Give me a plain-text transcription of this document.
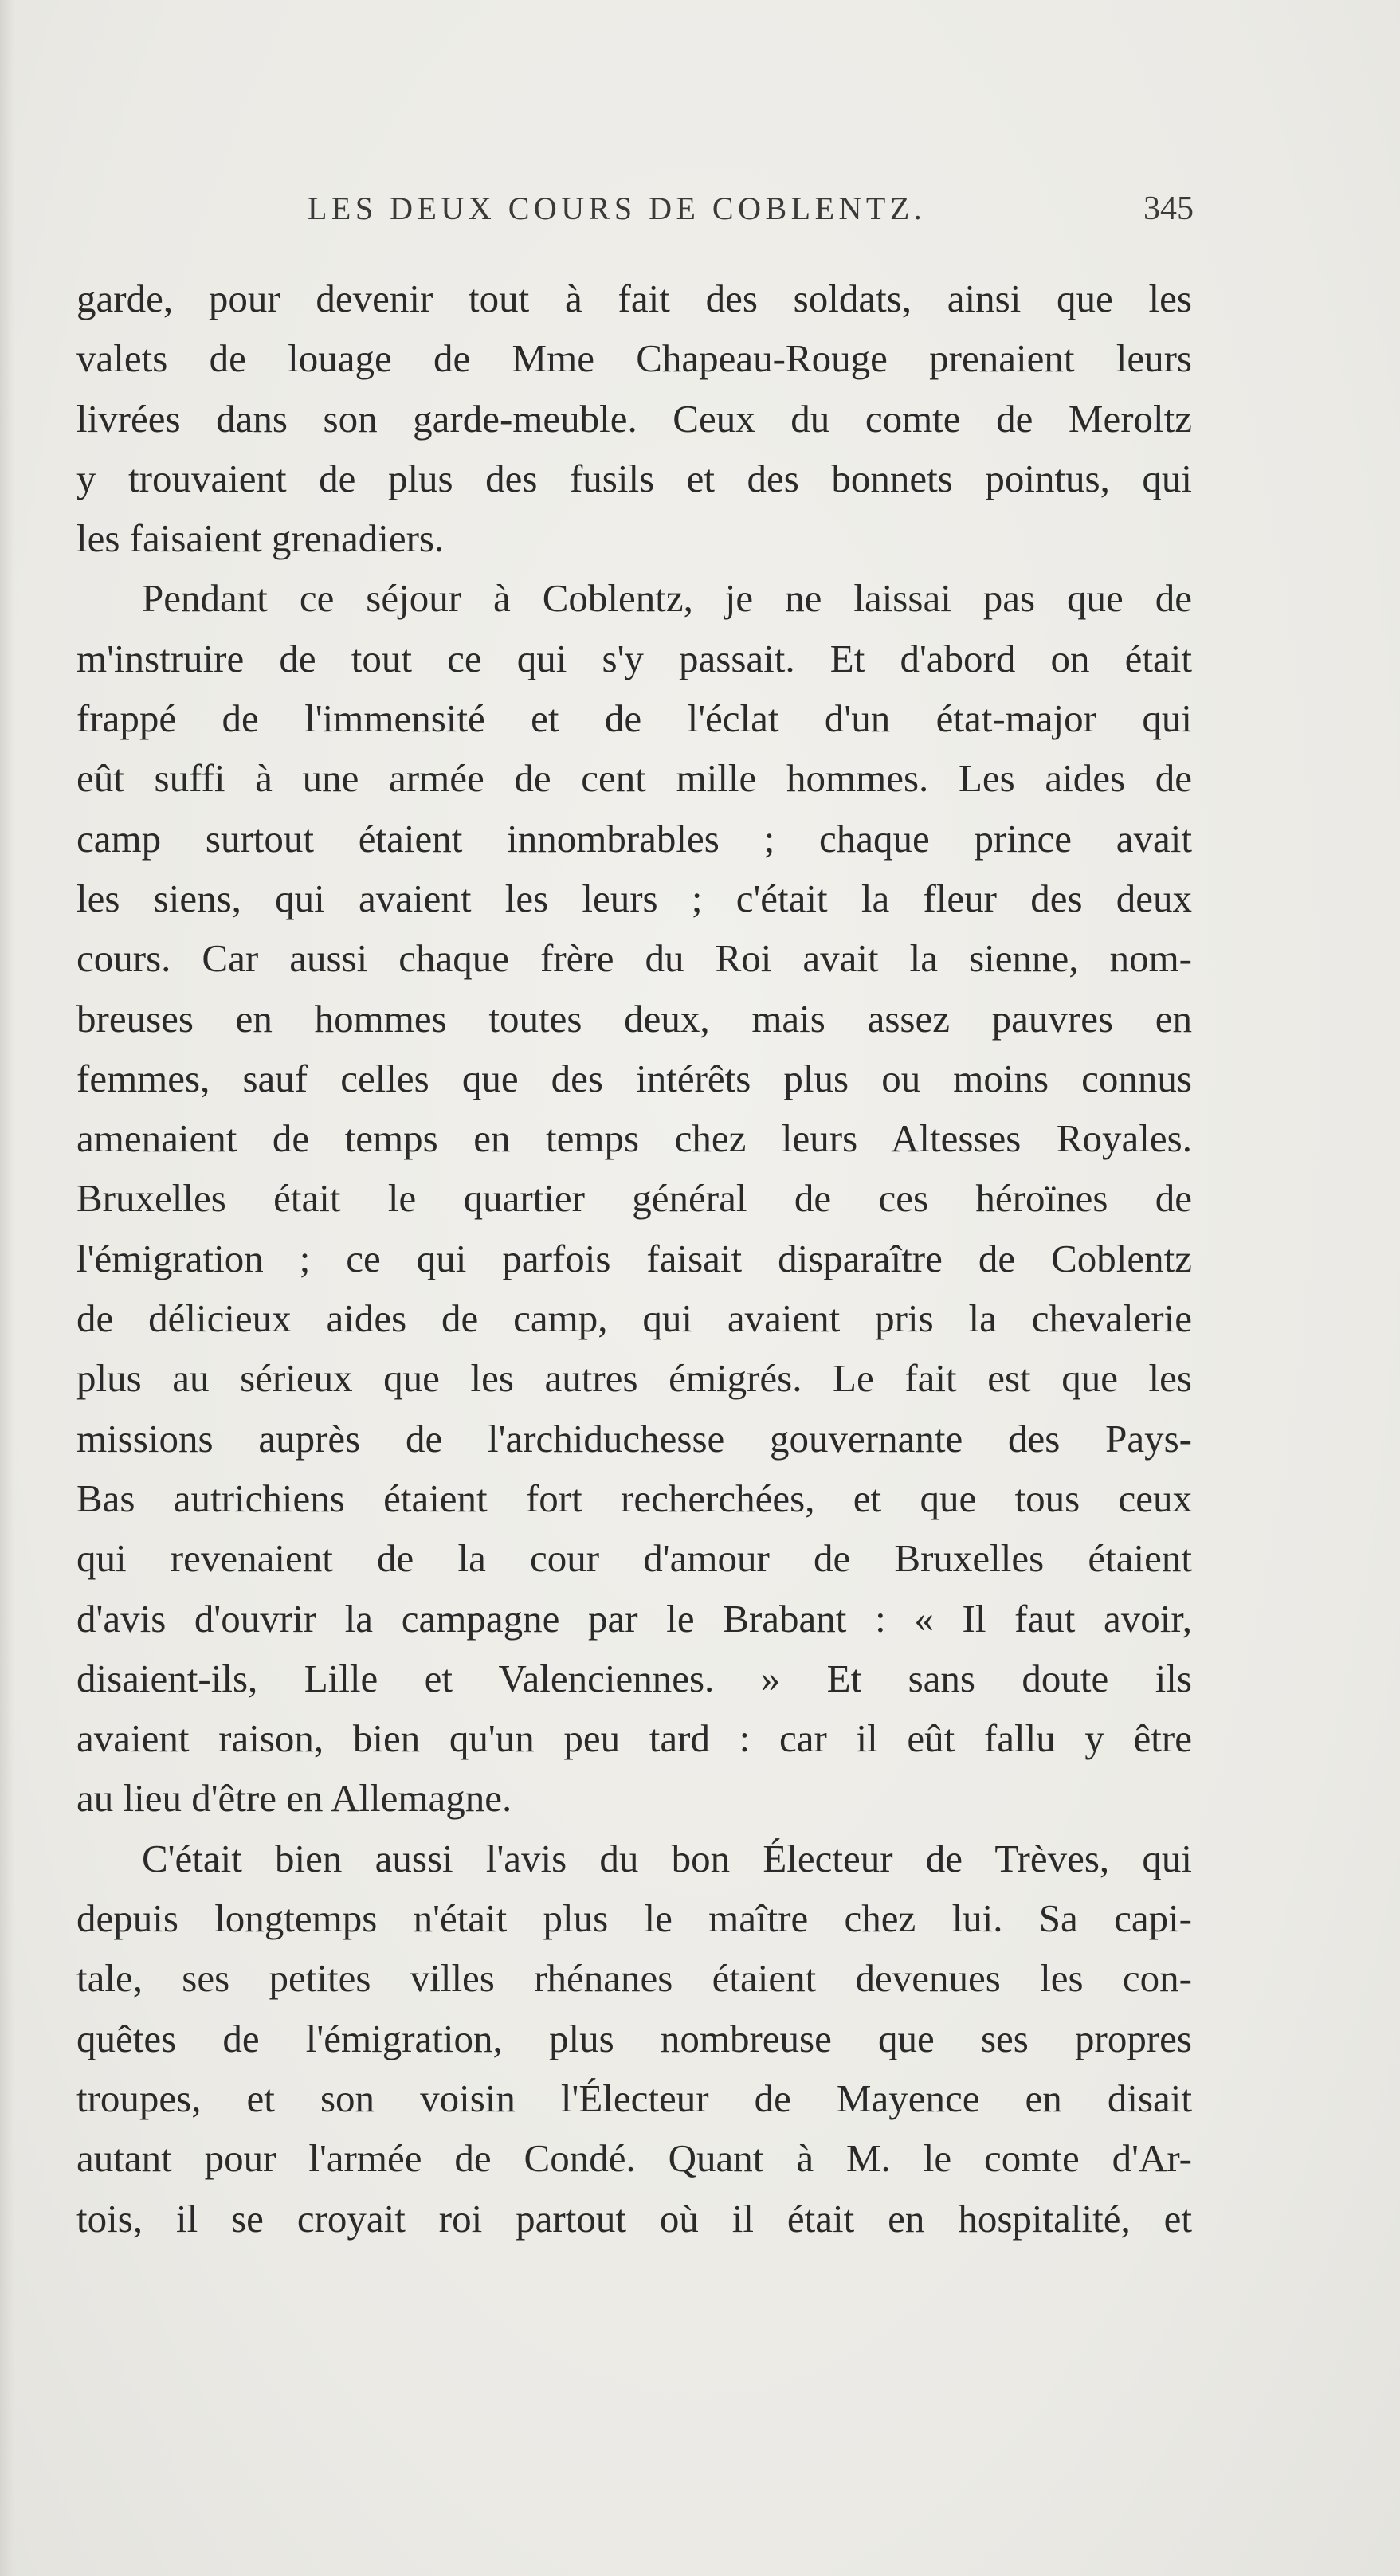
LES DEUX COURS DE COBLENTZ.	345
garde, pour devenir tout à fait des soldats, ainsi que les
valets de louage de Mme Chapeau-Rouge prenaient leurs
livrées dans son garde-meuble. Ceux du comte de Meroltz
y trouvaient de plus des fusils et des bonnets pointus, qui
les faisaient grenadiers.
Pendant ce séjour à Coblentz, je ne laissai pas que de
m'instruire de tout ce qui s'y passait. Et d'abord on était
frappé de l'immensité et de l'éclat d'un état-major qui
eût suffi à une armée de cent mille hommes. Les aides de
camp surtout étaient innombrables ; chaque prince avait
les siens, qui avaient les leurs ; c'était la fleur des deux
cours. Car aussi chaque frère du Roi avait la sienne, nom-
breuses en hommes toutes deux, mais assez pauvres en
femmes, sauf celles que des intérêts plus ou moins connus
amenaient de temps en temps chez leurs Altesses Royales.
Bruxelles était le quartier général de ces héroïnes de
l'émigration ; ce qui parfois faisait disparaître de Coblentz
de délicieux aides de camp, qui avaient pris la chevalerie
plus au sérieux que les autres émigrés. Le fait est que les
missions auprès de l'archiduchesse gouvernante des Pays-
Bas autrichiens étaient fort recherchées, et que tous ceux
qui revenaient de la cour d'amour de Bruxelles étaient
d'avis d'ouvrir la campagne par le Brabant : « Il faut avoir,
disaient-ils, Lille et Valenciennes. » Et sans doute ils
avaient raison, bien qu'un peu tard : car il eût fallu y être
au lieu d'être en Allemagne.
C'était bien aussi l'avis du bon Électeur de Trèves, qui
depuis longtemps n'était plus le maître chez lui. Sa capi-
tale, ses petites villes rhénanes étaient devenues les con-
quêtes de l'émigration, plus nombreuse que ses propres
troupes, et son voisin l'Électeur de Mayence en disait
autant pour l'armée de Condé. Quant à M. le comte d'Ar-
tois, il se croyait roi partout où il était en hospitalité, et
